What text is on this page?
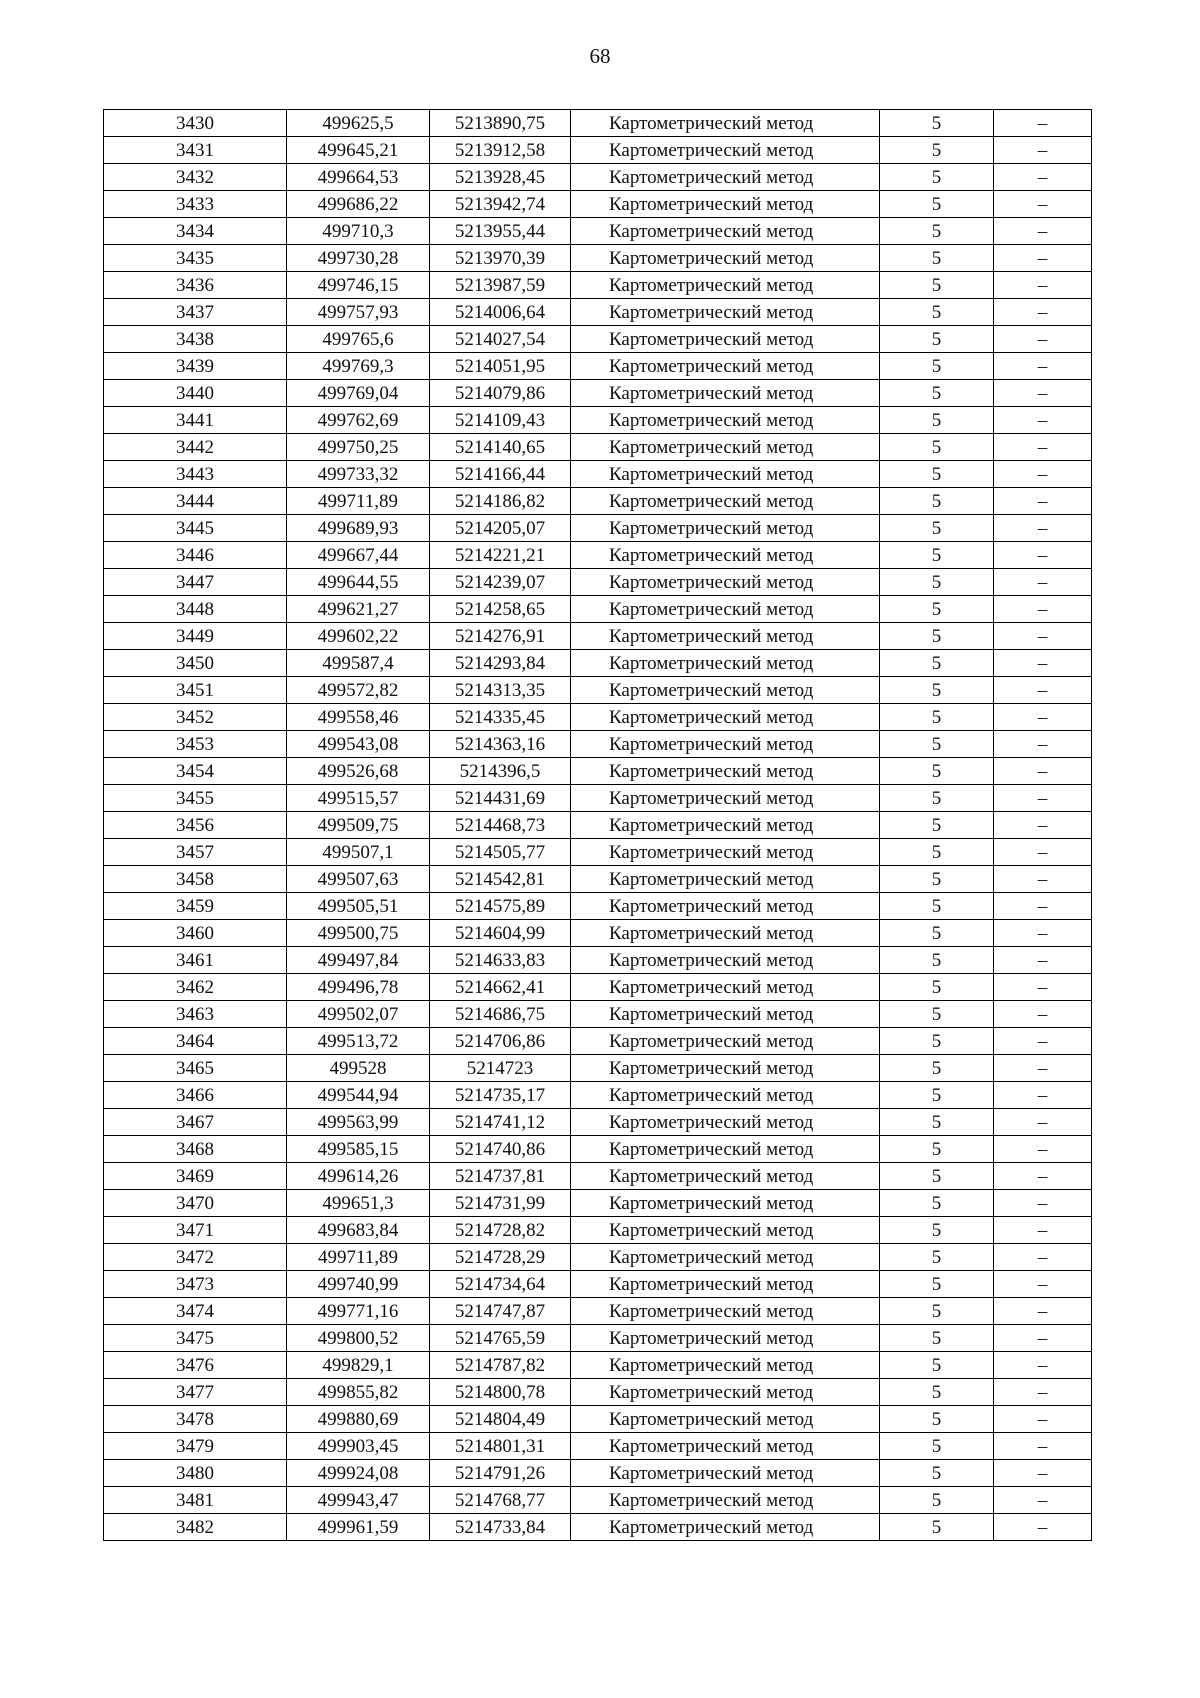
68
3430	499625,5	5213890,75	Картометрический метод	5	–
3431	499645,21	5213912,58	Картометрический метод	5	–
3432	499664,53	5213928,45	Картометрический метод	5	–
3433	499686,22	5213942,74	Картометрический метод	5	–
3434	499710,3	5213955,44	Картометрический метод	5	–
3435	499730,28	5213970,39	Картометрический метод	5	–
3436	499746,15	5213987,59	Картометрический метод	5	–
3437	499757,93	5214006,64	Картометрический метод	5	–
3438	499765,6	5214027,54	Картометрический метод	5	–
3439	499769,3	5214051,95	Картометрический метод	5	–
3440	499769,04	5214079,86	Картометрический метод	5	–
3441	499762,69	5214109,43	Картометрический метод	5	–
3442	499750,25	5214140,65	Картометрический метод	5	–
3443	499733,32	5214166,44	Картометрический метод	5	–
3444	499711,89	5214186,82	Картометрический метод	5	–
3445	499689,93	5214205,07	Картометрический метод	5	–
3446	499667,44	5214221,21	Картометрический метод	5	–
3447	499644,55	5214239,07	Картометрический метод	5	–
3448	499621,27	5214258,65	Картометрический метод	5	–
3449	499602,22	5214276,91	Картометрический метод	5	–
3450	499587,4	5214293,84	Картометрический метод	5	–
3451	499572,82	5214313,35	Картометрический метод	5	–
3452	499558,46	5214335,45	Картометрический метод	5	–
3453	499543,08	5214363,16	Картометрический метод	5	–
3454	499526,68	5214396,5	Картометрический метод	5	–
3455	499515,57	5214431,69	Картометрический метод	5	–
3456	499509,75	5214468,73	Картометрический метод	5	–
3457	499507,1	5214505,77	Картометрический метод	5	–
3458	499507,63	5214542,81	Картометрический метод	5	–
3459	499505,51	5214575,89	Картометрический метод	5	–
3460	499500,75	5214604,99	Картометрический метод	5	–
3461	499497,84	5214633,83	Картометрический метод	5	–
3462	499496,78	5214662,41	Картометрический метод	5	–
3463	499502,07	5214686,75	Картометрический метод	5	–
3464	499513,72	5214706,86	Картометрический метод	5	–
3465	499528	5214723	Картометрический метод	5	–
3466	499544,94	5214735,17	Картометрический метод	5	–
3467	499563,99	5214741,12	Картометрический метод	5	–
3468	499585,15	5214740,86	Картометрический метод	5	–
3469	499614,26	5214737,81	Картометрический метод	5	–
3470	499651,3	5214731,99	Картометрический метод	5	–
3471	499683,84	5214728,82	Картометрический метод	5	–
3472	499711,89	5214728,29	Картометрический метод	5	–
3473	499740,99	5214734,64	Картометрический метод	5	–
3474	499771,16	5214747,87	Картометрический метод	5	–
3475	499800,52	5214765,59	Картометрический метод	5	–
3476	499829,1	5214787,82	Картометрический метод	5	–
3477	499855,82	5214800,78	Картометрический метод	5	–
3478	499880,69	5214804,49	Картометрический метод	5	–
3479	499903,45	5214801,31	Картометрический метод	5	–
3480	499924,08	5214791,26	Картометрический метод	5	–
3481	499943,47	5214768,77	Картометрический метод	5	–
3482	499961,59	5214733,84	Картометрический метод	5	–
